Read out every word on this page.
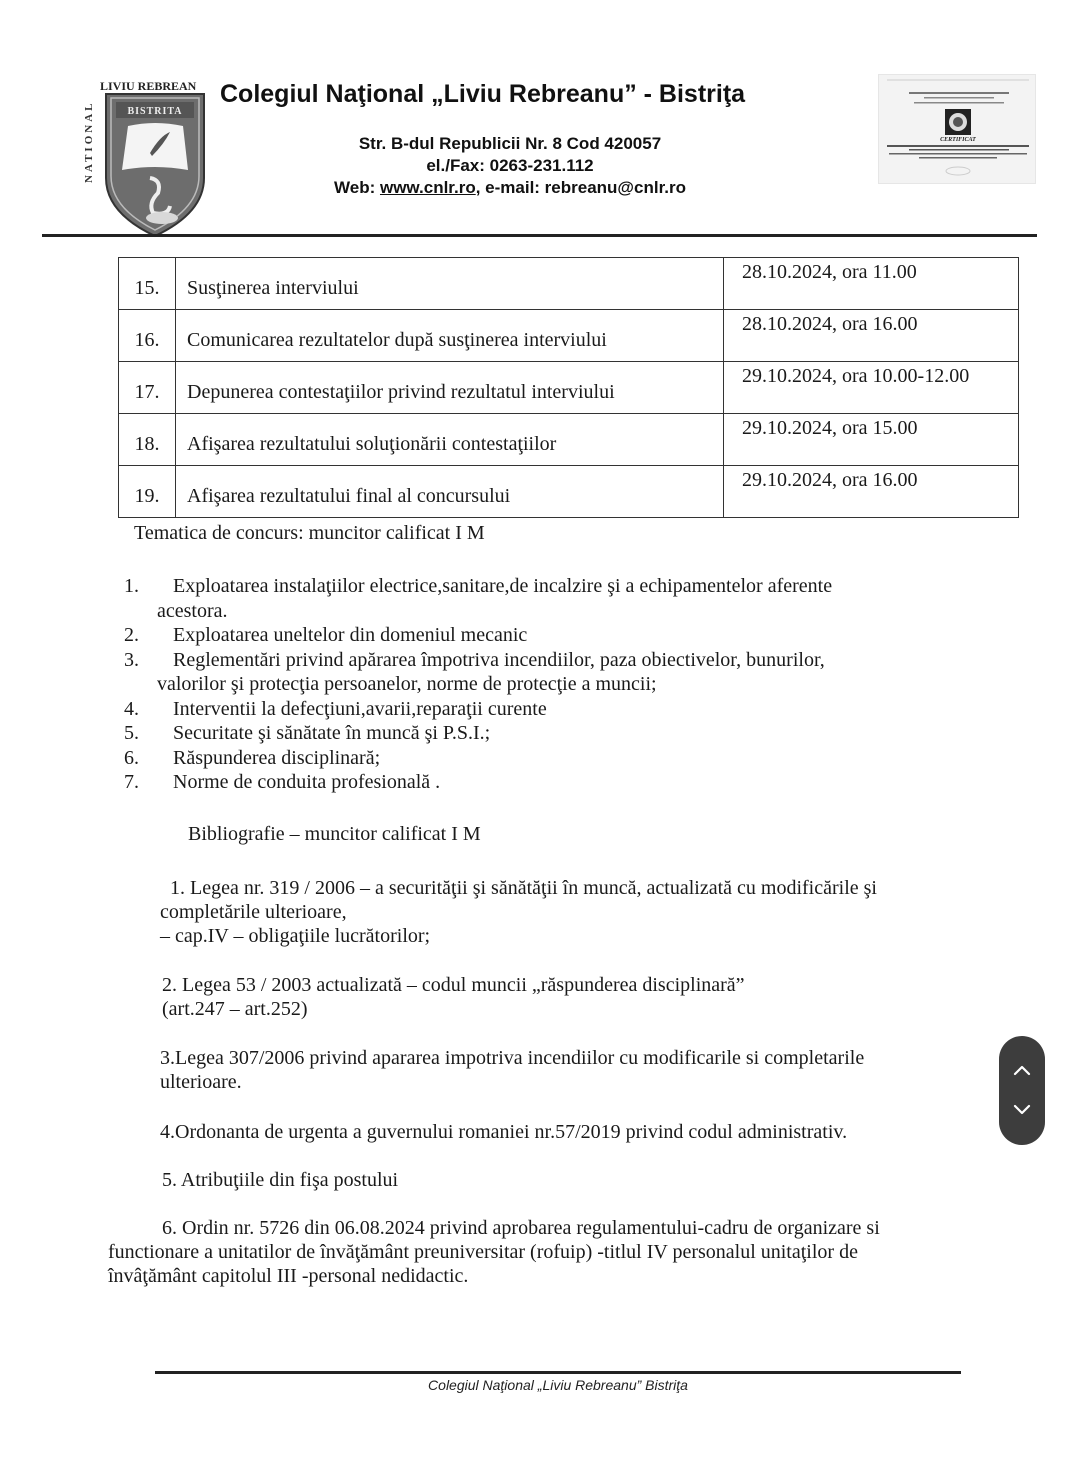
LIVIU REBREAN
NATIONAL	BISTRITA
Colegiul Naţional „Liviu Rebreanu” - Bistriţa
Str. B-dul Republicii Nr. 8 Cod 420057
el./Fax: 0263-231.112
Web: www.cnlr.ro, e-mail: rebreanu@cnlr.ro
CERTIFICAT
15.	Susţinerea interviului	28.10.2024, ora 11.00
16.	Comunicarea rezultatelor după susţinerea interviului	28.10.2024, ora 16.00
17.	Depunerea contestaţiilor privind rezultatul interviului	29.10.2024, ora 10.00-12.00
18.	Afişarea rezultatului soluţionării contestaţiilor	29.10.2024, ora 15.00
19.	Afişarea rezultatului final al concursului	29.10.2024, ora 16.00
Tematica de concurs: muncitor calificat I M
1. Exploatarea instalaţiilor electrice,sanitare,de incalzire şi a echipamentelor aferente
acestora.
2. Exploatarea uneltelor din domeniul mecanic
3. Reglementări privind apărarea împotriva incendiilor, paza obiectivelor, bunurilor,
valorilor şi protecţia persoanelor, norme de protecţie a muncii;
4. Interventii la defecţiuni,avarii,reparaţii curente
5. Securitate şi sănătate în muncă şi P.S.I.;
6. Răspunderea disciplinară;
7. Norme de conduita profesională .
Bibliografie – muncitor calificat I M
1. Legea nr. 319 / 2006 – a securităţii şi sănătăţii în muncă, actualizată cu modificările şi
completările ulterioare,
– cap.IV – obligaţiile lucrătorilor;
2. Legea 53 / 2003 actualizată – codul muncii „răspunderea disciplinară”
(art.247 – art.252)
3.Legea 307/2006 privind apararea impotriva incendiilor cu modificarile si completarile
ulterioare.
4.Ordonanta de urgenta a guvernului romaniei nr.57/2019 privind codul administrativ.
5. Atribuţiile din fişa postului
6. Ordin nr. 5726 din 06.08.2024 privind aprobarea regulamentului-cadru de organizare si
functionare a unitatilor de învăţământ preuniversitar (rofuip) -titlul IV personalul unitaţilor de
învâţământ capitolul III -personal nedidactic.
Colegiul Naţional „Liviu Rebreanu” Bistriţa
